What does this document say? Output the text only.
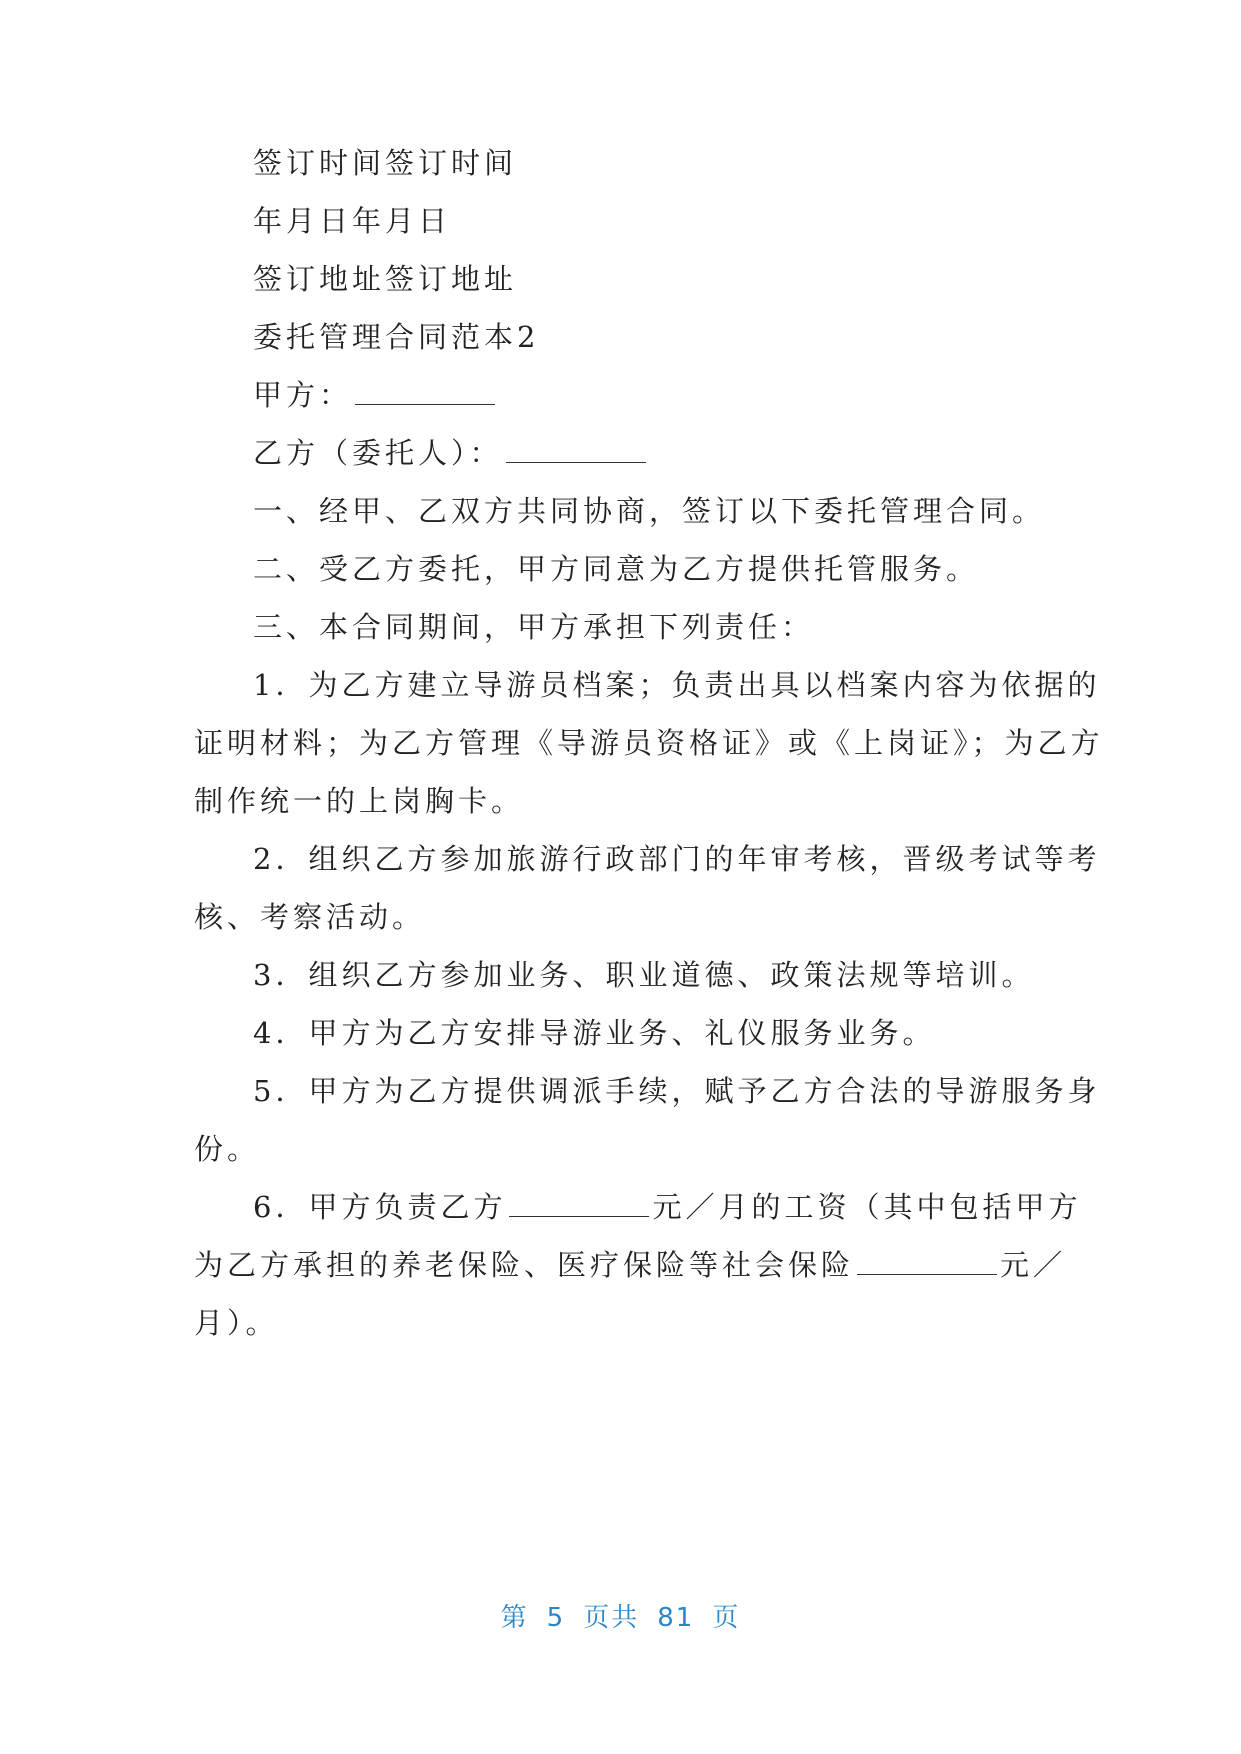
签订时间签订时间
年月日年月日
签订地址签订地址
委托管理合同范本2
甲方：
乙方（委托人）：
一、经甲、乙双方共同协商，签订以下委托管理合同。
二、受乙方委托，甲方同意为乙方提供托管服务。
三、本合同期间，甲方承担下列责任：
1．为乙方建立导游员档案；负责出具以档案内容为依据的
证明材料；为乙方管理《导游员资格证》或《上岗证》；为乙方
制作统一的上岗胸卡。
2．组织乙方参加旅游行政部门的年审考核，晋级考试等考
核、考察活动。
3．组织乙方参加业务、职业道德、政策法规等培训。
4．甲方为乙方安排导游业务、礼仪服务业务。
5．甲方为乙方提供调派手续，赋予乙方合法的导游服务身
份。
6．甲方负责乙方	元／月的工资（其中包括甲方
为乙方承担的养老保险、医疗保险等社会保险	元／
月）。
第 5 页共 81 页
